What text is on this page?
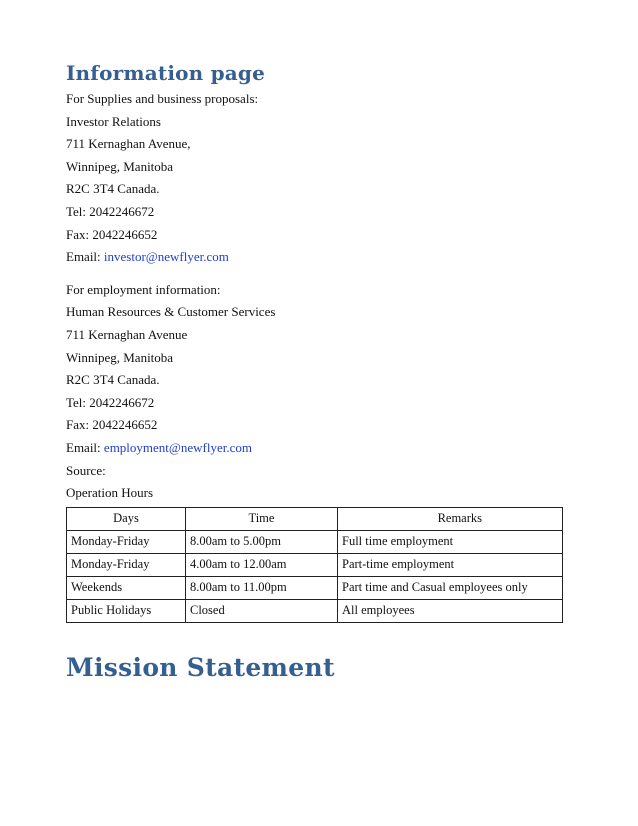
Information page
For Supplies and business proposals:
Investor Relations
711 Kernaghan Avenue,
Winnipeg, Manitoba
R2C 3T4 Canada.
Tel: 2042246672
Fax: 2042246652
Email: investor@newflyer.com
For employment information:
Human Resources & Customer Services
711 Kernaghan Avenue
Winnipeg, Manitoba
R2C 3T4 Canada.
Tel: 2042246672
Fax: 2042246652
Email: employment@newflyer.com
Source:
Operation Hours
Days	Time	Remarks
Monday-Friday	8.00am to 5.00pm	Full time employment
Monday-Friday	4.00am to 12.00am	Part-time employment
Weekends	8.00am to 11.00pm	Part time and Casual employees only
Public Holidays	Closed	All employees
Mission Statement
